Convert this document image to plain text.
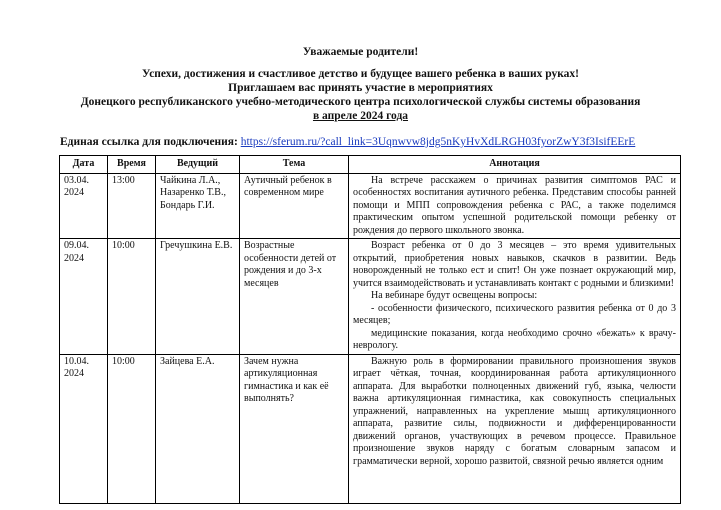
Уважаемые родители!
Успехи, достижения и счастливое детство и будущее вашего ребенка в ваших руках!
Приглашаем вас принять участие в мероприятиях
Донецкого республиканского учебно-методического центра психологической службы системы образования
в апреле 2024 года
Единая ссылка для подключения: https://sferum.ru/?call_link=3Uqnwvw8jdg5nKyHvXdLRGH03fyorZwY3f3IsifEErE
Дата	Время	Ведущий	Тема	Аннотация
03.04. 2024	13:00	Чайкина Л.А., Назаренко Т.В., Бондарь Г.И.	Аутичный ребенок в современном мире	На встрече расскажем о причинах развития симптомов РАС и особенностях воспитания аутичного ребенка. Представим способы ранней помощи и МПП сопровождения ребенка с РАС, а также поделимся практическим опытом успешной родительской помощи ребенку от рождения до первого школьного звонка.

09.04. 2024	10:00	Гречушкина Е.В.	Возрастные особенности детей от рождения и до 3-х месяцев	Возраст ребенка от 0 до 3 месяцев – это время удивительных открытий, приобретения новых навыков, скачков в развитии. Ведь новорожденный не только ест и спит! Он уже познает окружающий мир, учится взаимодействовать и устанавливать контакт с родными и близкими!

На вебинаре будут освещены вопросы:

- особенности физического, психического развития ребенка от 0 до 3 месяцев;

медицинские показания, когда необходимо срочно «бежать» к врачу-неврологу.

10.04. 2024	10:00	Зайцева Е.А.	Зачем нужна артикуляционная гимнастика и как её выполнять?	Важную роль в формировании правильного произношения звуков играет чёткая, точная, координированная работа артикуляционного аппарата. Для выработки полноценных движений губ, языка, челюсти важна артикуляционная гимнастика, как совокупность специальных упражнений, направленных на укрепление мышц артикуляционного аппарата, развитие силы, подвижности и дифференцированности движений органов, участвующих в речевом процессе. Правильное произношение звуков наряду с богатым словарным запасом и грамматически верной, хорошо развитой, связной речью является одним
